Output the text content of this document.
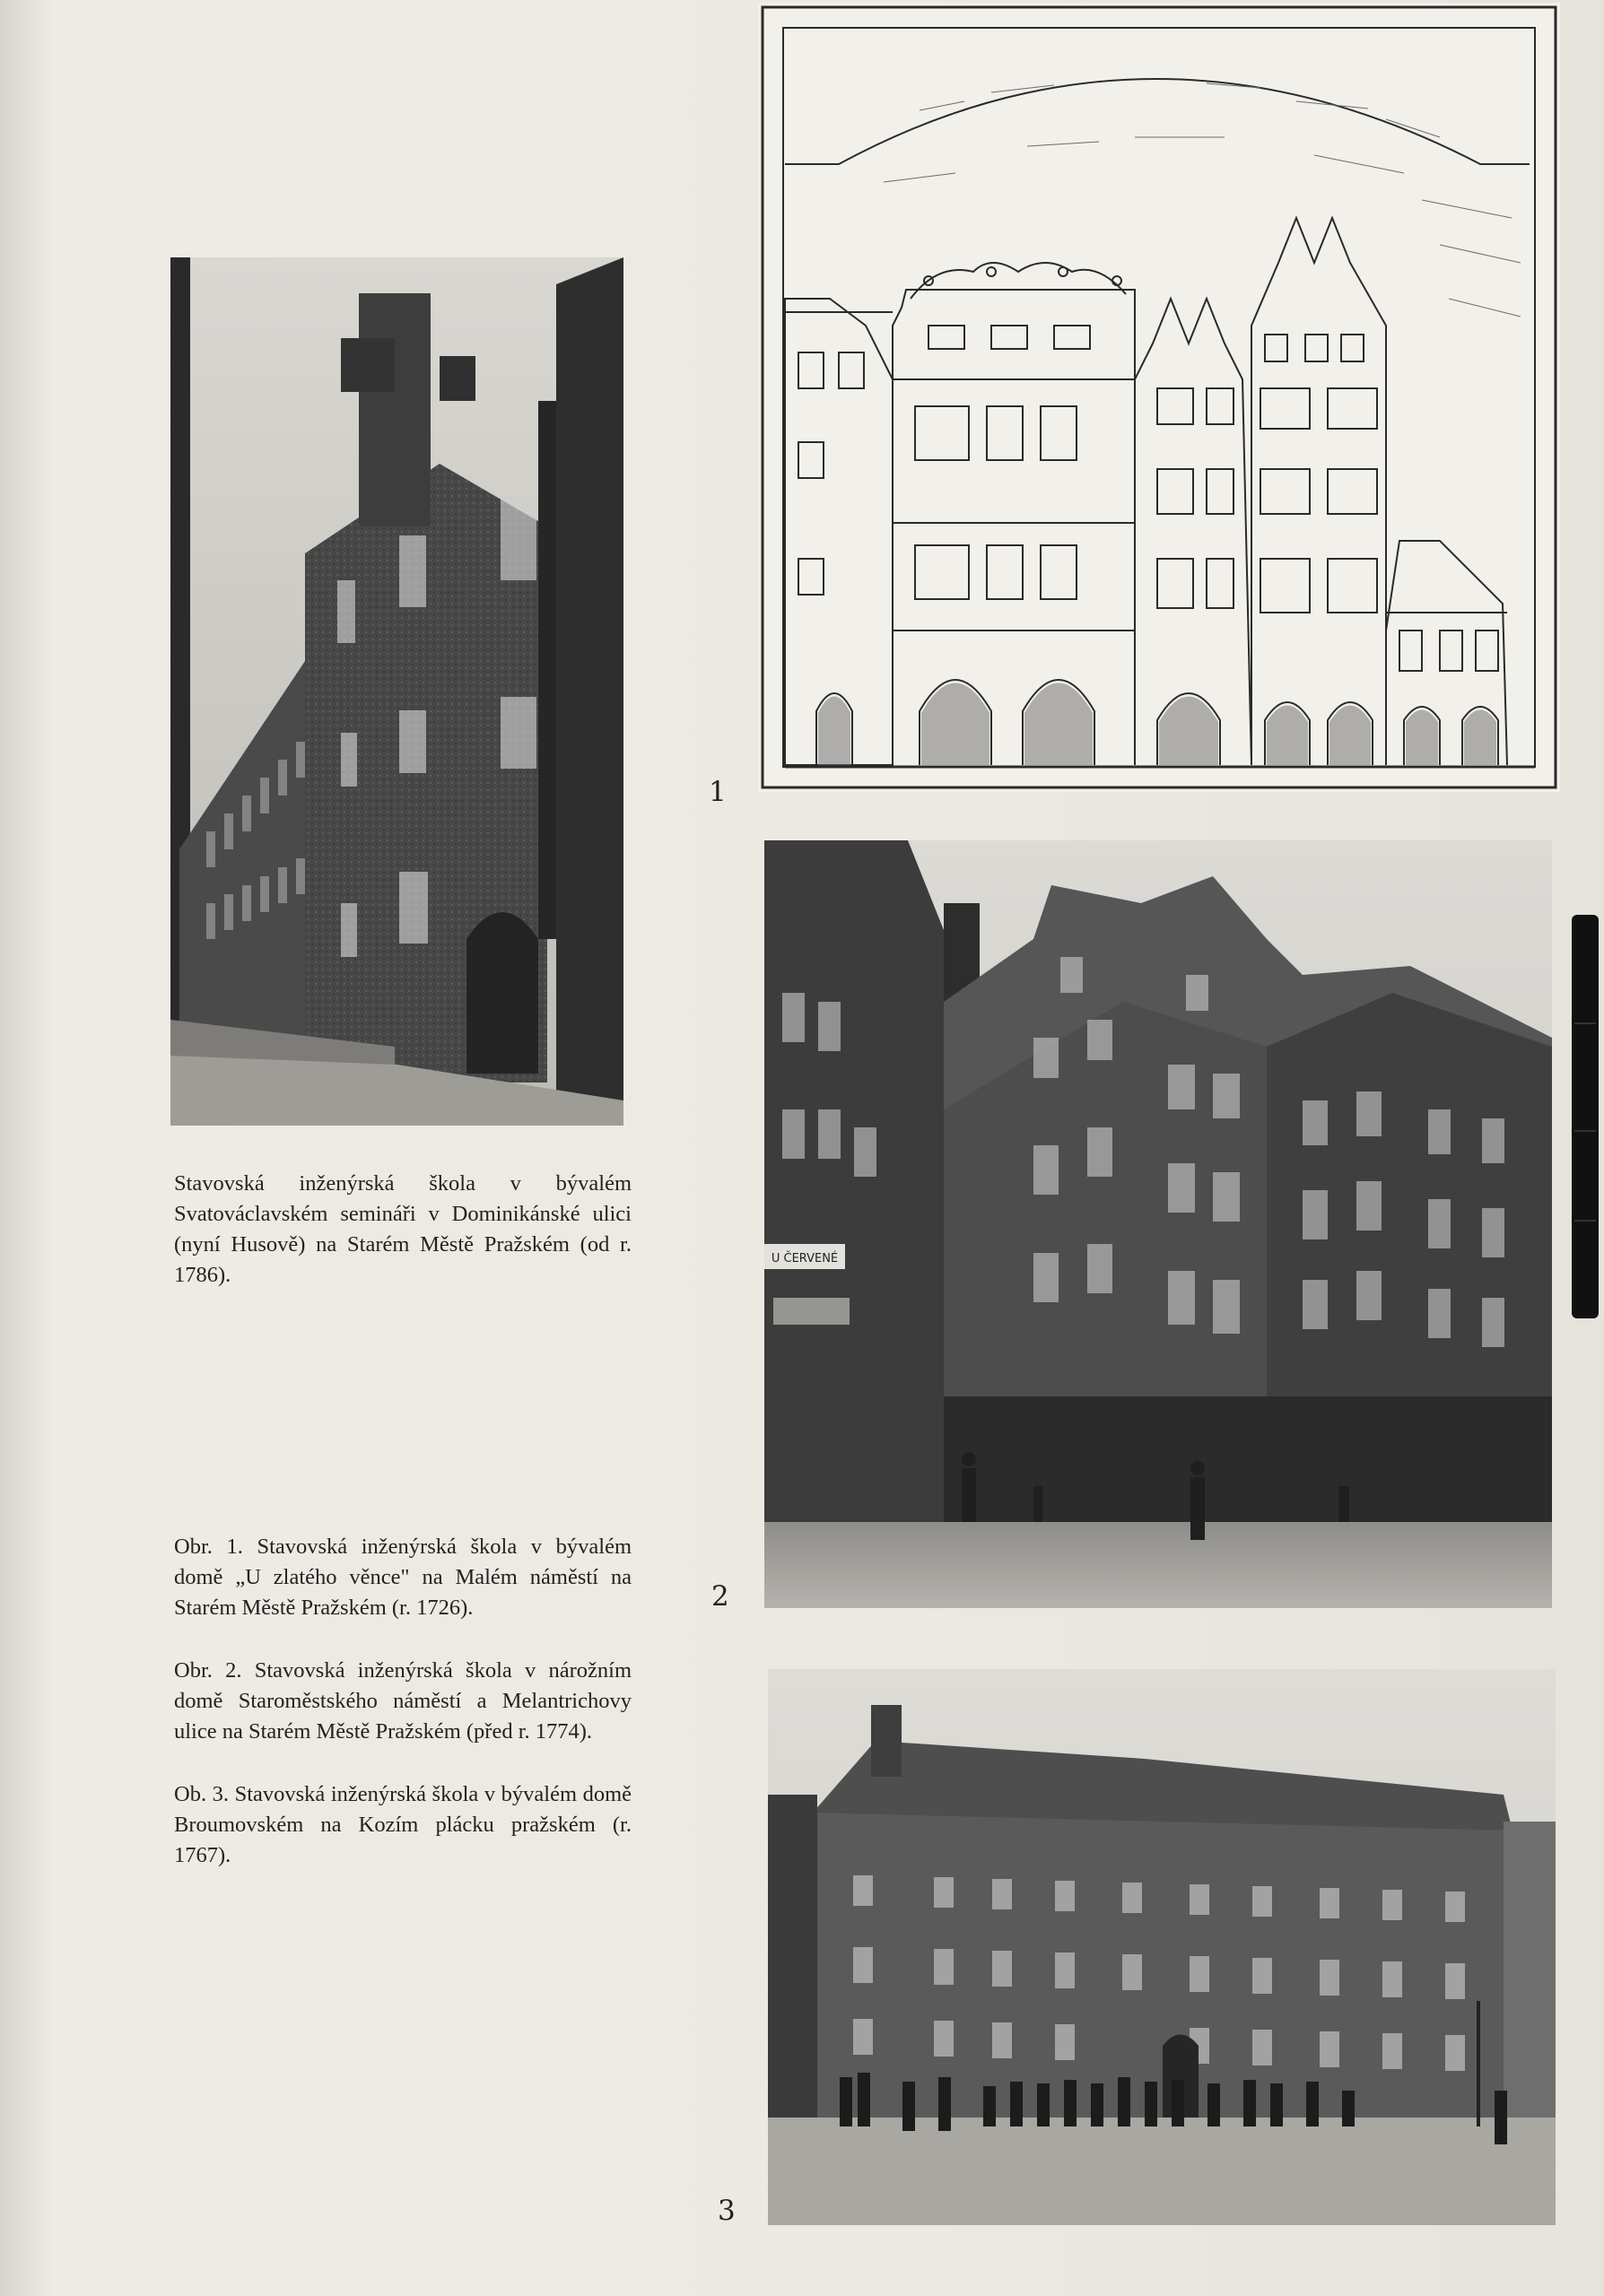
1
U ČERVENÉ
2
3

Stavovská inženýrská škola v bývalém Svatováclavském semináři v Dominikánské ulici (nyní Husově) na Starém Městě Pražském (od r. 1786).

Obr. 1. Stavovská inženýrská škola v bývalém domě „U zlatého věnce" na Malém náměstí na Starém Městě Pražském (r. 1726).

Obr. 2. Stavovská inženýrská škola v nárožním domě Staroměstského náměstí a Melantrichovy ulice na Starém Městě Pražském (před r. 1774).

Ob. 3. Stavovská inženýrská škola v bývalém domě Broumovském na Kozím plácku pražském (r. 1767).
